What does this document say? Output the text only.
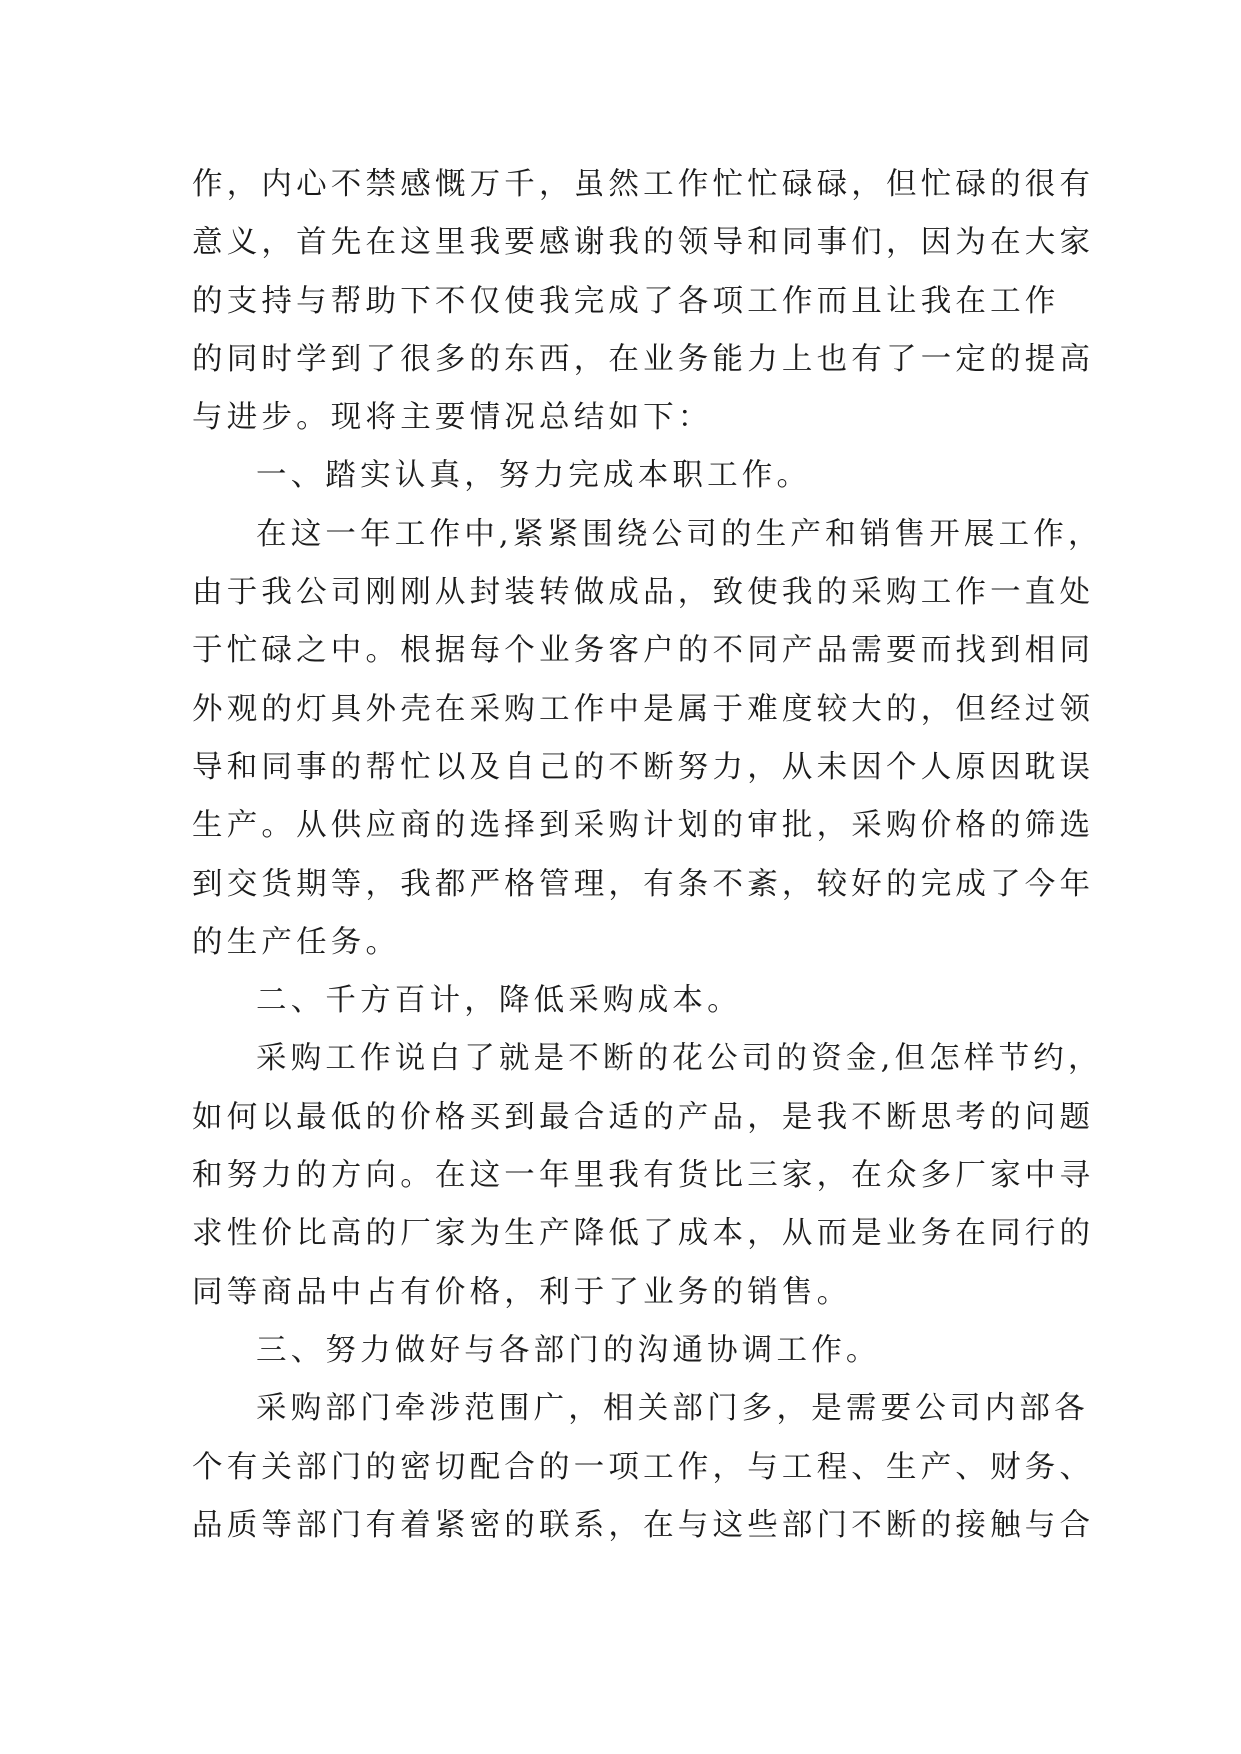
作，内心不禁感慨万千，虽然工作忙忙碌碌，但忙碌的很有
意义，首先在这里我要感谢我的领导和同事们，因为在大家
的支持与帮助下不仅使我完成了各项工作而且让我在工作
的同时学到了很多的东西，在业务能力上也有了一定的提高
与进步。现将主要情况总结如下：
一、踏实认真，努力完成本职工作。
在这一年工作中,紧紧围绕公司的生产和销售开展工作，
由于我公司刚刚从封装转做成品，致使我的采购工作一直处
于忙碌之中。根据每个业务客户的不同产品需要而找到相同
外观的灯具外壳在采购工作中是属于难度较大的，但经过领
导和同事的帮忙以及自己的不断努力，从未因个人原因耽误
生产。从供应商的选择到采购计划的审批，采购价格的筛选
到交货期等，我都严格管理，有条不紊，较好的完成了今年
的生产任务。
二、千方百计，降低采购成本。
采购工作说白了就是不断的花公司的资金,但怎样节约，
如何以最低的价格买到最合适的产品，是我不断思考的问题
和努力的方向。在这一年里我有货比三家，在众多厂家中寻
求性价比高的厂家为生产降低了成本，从而是业务在同行的
同等商品中占有价格，利于了业务的销售。
三、努力做好与各部门的沟通协调工作。
采购部门牵涉范围广，相关部门多，是需要公司内部各
个有关部门的密切配合的一项工作，与工程、生产、财务、
品质等部门有着紧密的联系，在与这些部门不断的接触与合
